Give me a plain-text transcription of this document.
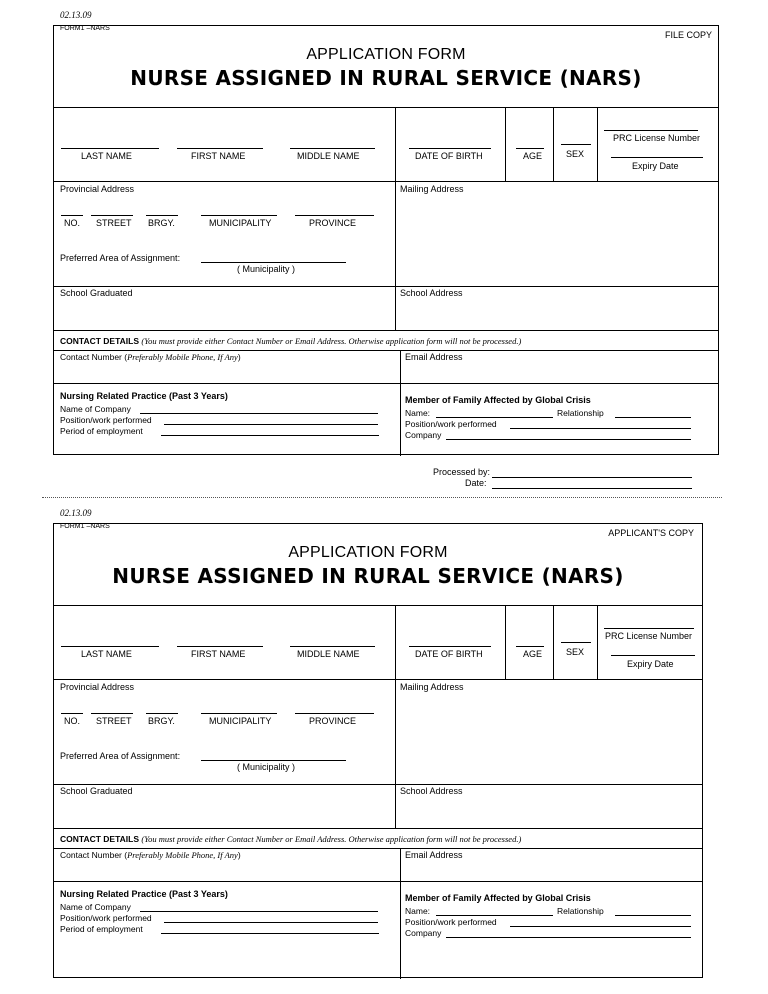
02.13.09
FORM1 –NARS
FILE COPY
APPLICATION FORM
NURSE ASSIGNED IN RURAL SERVICE (NARS)
LAST NAME	FIRST NAME	MIDDLE NAME	DATE OF BIRTH	AGE	SEX
PRC License Number
Expiry Date
Provincial Address	Mailing Address
NO. STREET BRGY.	MUNICIPALITY	PROVINCE
Preferred Area of Assignment:
( Municipality )
School Graduated	School Address
CONTACT DETAILS (You must provide either Contact Number or Email Address. Otherwise application form will not be processed.)
Contact Number (Preferably Mobile Phone, If Any)	Email Address
Nursing Related Practice (Past 3 Years)
Name of Company
Position/work performed
Period of employment
Member of Family Affected by Global Crisis
Name:	Relationship
Position/work performed
Company
Processed by:
Date:
02.13.09
FORM1 –NARS
APPLICANT'S COPY
APPLICATION FORM
NURSE ASSIGNED IN RURAL SERVICE (NARS)
LAST NAME	FIRST NAME	MIDDLE NAME	DATE OF BIRTH	AGE	SEX
PRC License Number
Expiry Date
Provincial Address	Mailing Address
NO. STREET BRGY.	MUNICIPALITY	PROVINCE
Preferred Area of Assignment:
( Municipality )
School Graduated	School Address
CONTACT DETAILS (You must provide either Contact Number or Email Address. Otherwise application form will not be processed.)
Contact Number (Preferably Mobile Phone, If Any)	Email Address
Nursing Related Practice (Past 3 Years)
Name of Company
Position/work performed
Period of employment
Member of Family Affected by Global Crisis
Name:	Relationship
Position/work performed
Company
